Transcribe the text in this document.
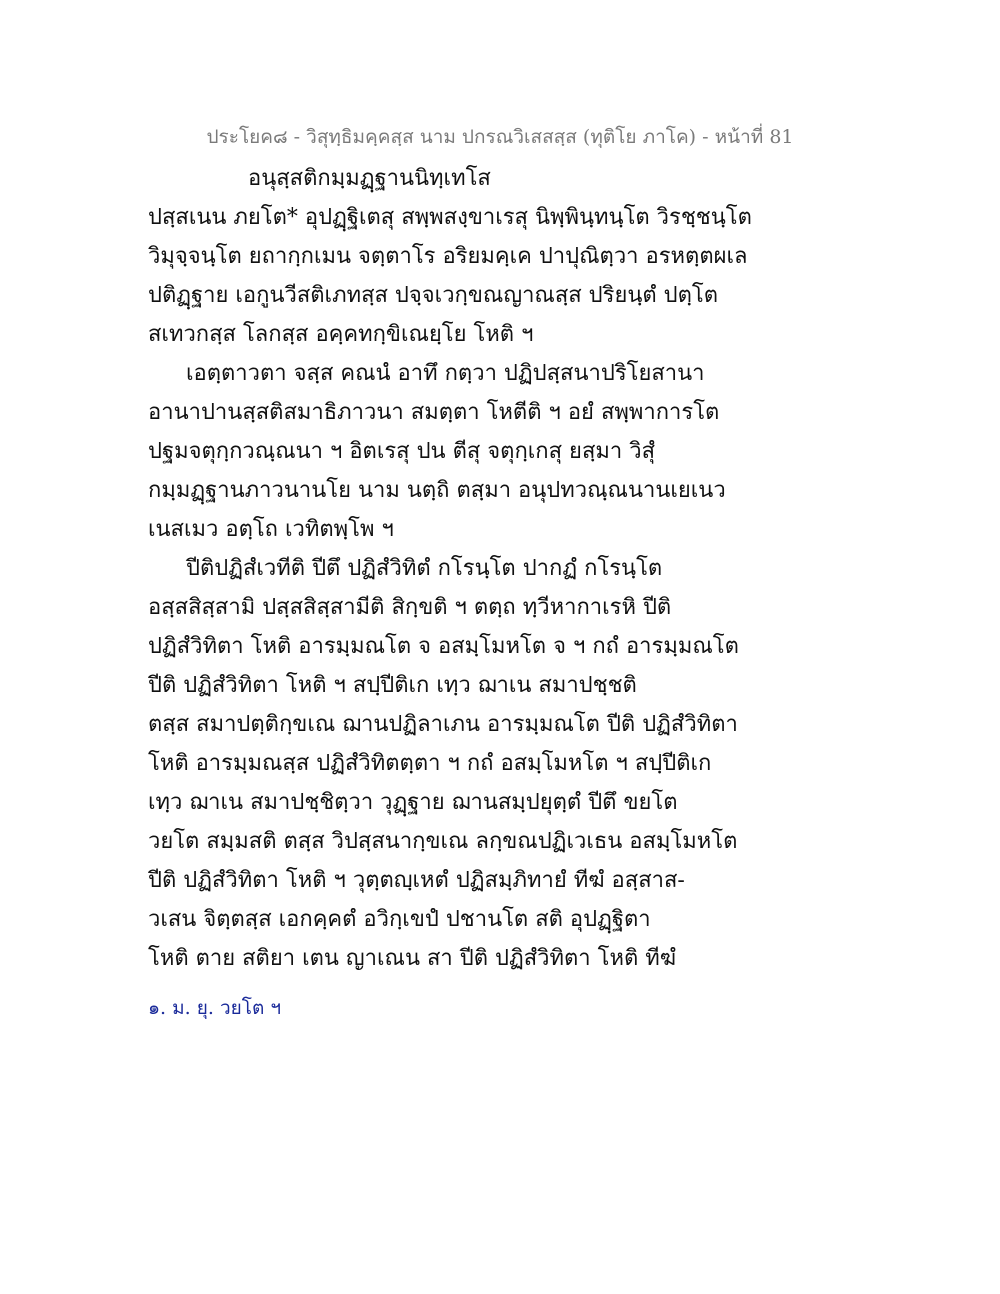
ประโยค๘ - วิสุทฺธิมคฺคสฺส นาม ปกรณวิเสสสฺส (ทุติโย ภาโค) - หน้าที่ 81
อนุสฺสติกมฺมฏฺฐานนิทฺเทโส
ปสฺสเนน ภยโต* อุปฏฺฐิเตสุ สพฺพสงฺขาเรสุ นิพฺพินฺทนฺโต วิรชฺชนฺโต
วิมุจฺจนฺโต ยถากฺกเมน จตฺตาโร อริยมคฺเค ปาปุณิตฺวา อรหตฺตผเล
ปติฏฺฐาย เอกูนวีสติเภทสฺส ปจฺจเวกฺขณญาณสฺส ปริยนฺตํ ปตฺโต
สเทวกสฺส โลกสฺส อคฺคทกฺขิเณยฺโย โหติ ฯ
เอตฺตาวตา จสฺส คณนํ อาทึ กตฺวา ปฏิปสฺสนาปริโยสานา
อานาปานสฺสติสมาธิภาวนา สมตฺตา โหตีติ ฯ อยํ สพฺพาการโต
ปฐมจตุกฺกวณฺณนา ฯ อิตเรสุ ปน ตีสุ จตุกฺเกสุ ยสฺมา วิสุํ
กมฺมฏฺฐานภาวนานโย นาม นตฺถิ ตสฺมา อนุปทวณฺณนานเยเนว
เนสเมว อตฺโถ เวทิตพฺโพ ฯ
ปีติปฏิสํเวทีติ ปีตึ ปฏิสํวิทิตํ กโรนฺโต ปากฏํ กโรนฺโต
อสฺสสิสฺสามิ ปสฺสสิสฺสามีติ สิกฺขติ ฯ ตตฺถ ทฺวีหากาเรหิ ปีติ
ปฏิสํวิทิตา โหติ อารมฺมณโต จ อสมฺโมหโต จ ฯ กถํ อารมฺมณโต
ปีติ ปฏิสํวิทิตา โหติ ฯ สปฺปีติเก เทฺว ฌาเน สมาปชฺชติ
ตสฺส สมาปตฺติกฺขเณ ฌานปฏิลาเภน อารมฺมณโต ปีติ ปฏิสํวิทิตา
โหติ อารมฺมณสฺส ปฏิสํวิทิตตฺตา ฯ กถํ อสมฺโมหโต ฯ สปฺปีติเก
เทฺว ฌาเน สมาปชฺชิตฺวา วุฏฺฐาย ฌานสมฺปยุตฺตํ ปีตึ ขยโต
วยโต สมฺมสติ ตสฺส วิปสฺสนากฺขเณ ลกฺขณปฏิเวเธน อสมฺโมหโต
ปีติ ปฏิสํวิทิตา โหติ ฯ วุตฺตญฺเหตํ ปฏิสมฺภิทายํ ทีฆํ อสฺสาส-
วเสน จิตฺตสฺส เอกคฺคตํ อวิกฺเขปํ ปชานโต สติ อุปฏฺฐิตา
โหติ ตาย สติยา เตน ญาเณน สา ปีติ ปฏิสํวิทิตา โหติ ทีฆํ
๑. ม. ยุ. วยโต ฯ
